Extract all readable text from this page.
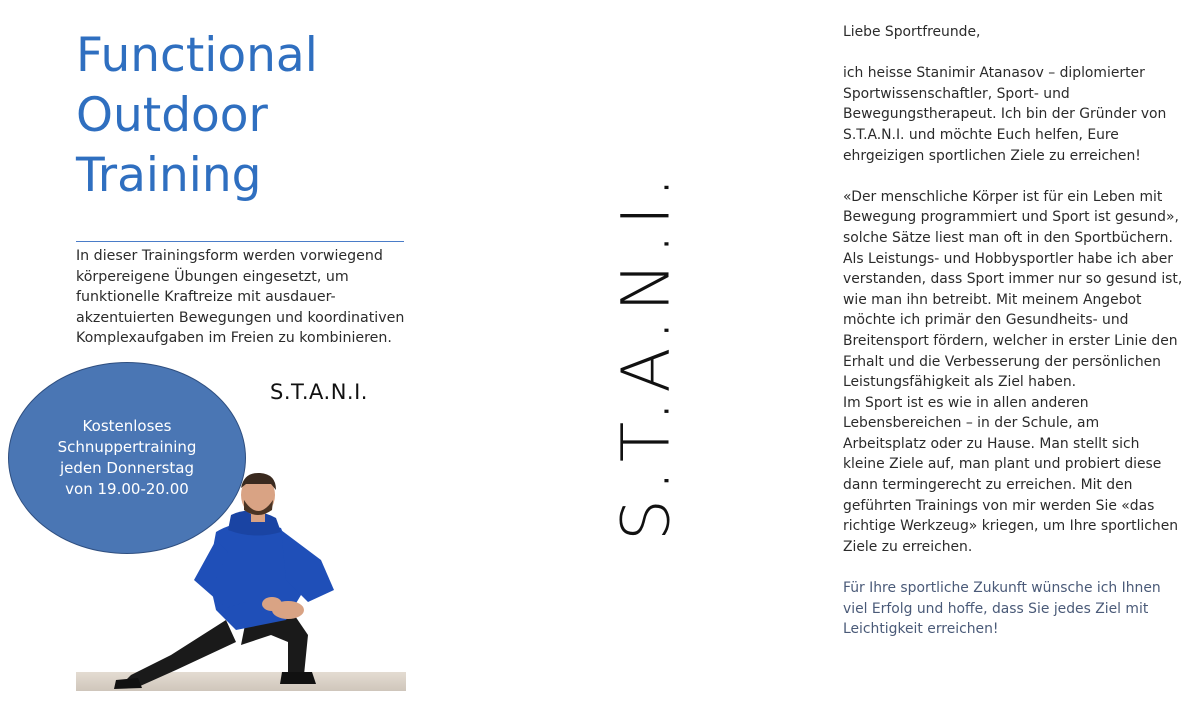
Functional
Outdoor
Training
In dieser Trainingsform werden vorwiegend körpereigene Übungen eingesetzt, um funktionelle Kraftreize mit ausdauer-akzentuierten Bewegungen und koordinativen Komplexaufgaben im Freien zu kombinieren.
S.T.A.N.I.
Kostenloses
Schnuppertraining
jeden Donnerstag
von 19.00-20.00	S.T.A.N.I.

Liebe Sportfreunde,

ich heisse Stanimir Atanasov – diplomierter Sportwissenschaftler, Sport- und Bewegungstherapeut. Ich bin der Gründer von S.T.A.N.I. und möchte Euch helfen, Eure ehrgeizigen sportlichen Ziele zu erreichen!

«Der menschliche Körper ist für ein Leben mit Bewegung programmiert und Sport ist gesund», solche Sätze liest man oft in den Sportbüchern. Als Leistungs- und Hobbysportler habe ich aber verstanden, dass Sport immer nur so gesund ist, wie man ihn betreibt. Mit meinem Angebot möchte ich primär den Gesundheits- und Breitensport fördern, welcher in erster Linie den Erhalt und die Verbesserung der persönlichen Leistungsfähigkeit als Ziel haben.

Im Sport ist es wie in allen anderen Lebensbereichen – in der Schule, am Arbeitsplatz oder zu Hause. Man stellt sich kleine Ziele auf, man plant und probiert diese dann termingerecht zu erreichen. Mit den geführten Trainings von mir werden Sie «das richtige Werkzeug» kriegen, um Ihre sportlichen Ziele zu erreichen.

Für Ihre sportliche Zukunft wünsche ich Ihnen viel Erfolg und hoffe, dass Sie jedes Ziel mit Leichtigkeit erreichen!
